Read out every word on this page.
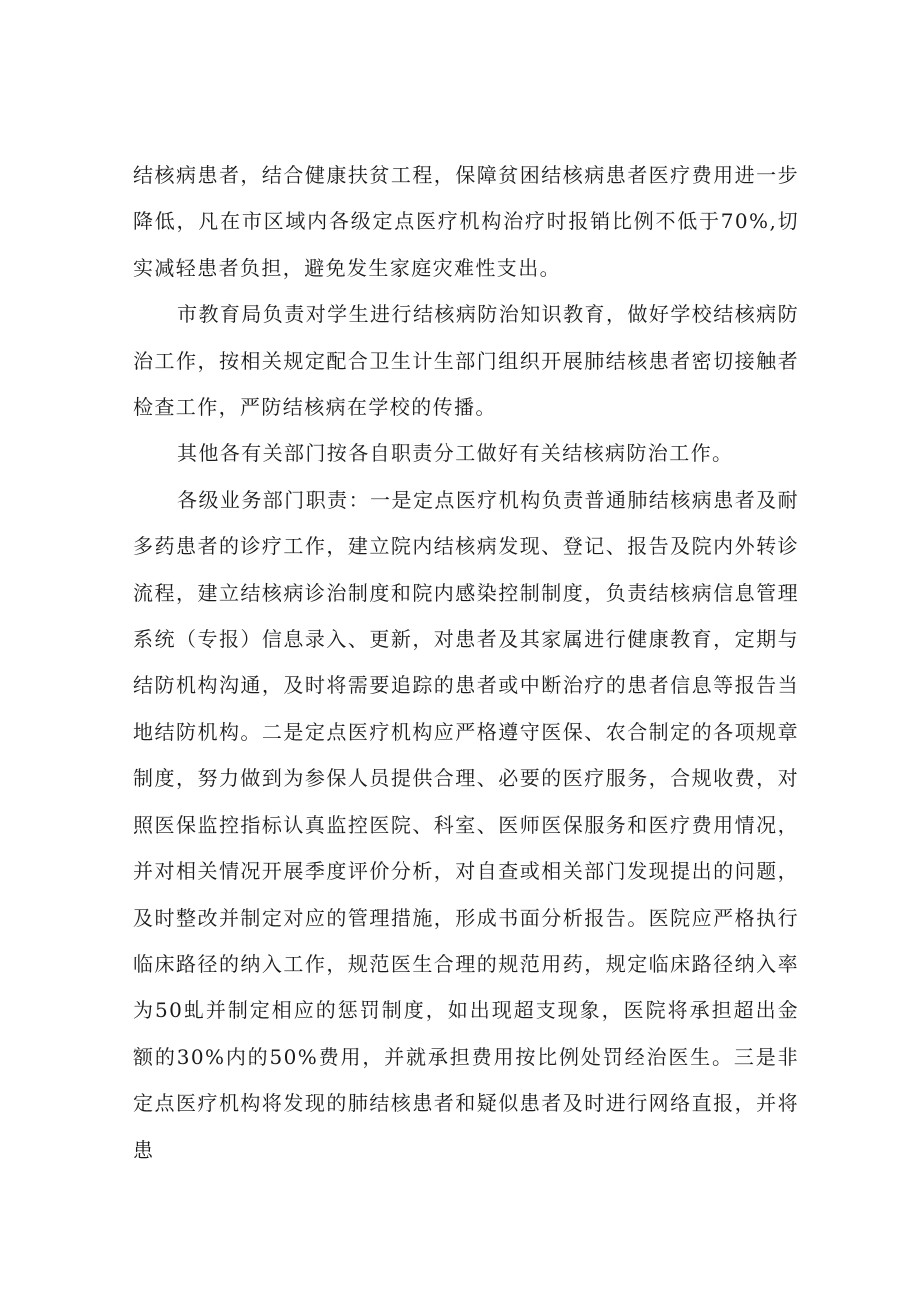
结核病患者，结合健康扶贫工程，保障贫困结核病患者医疗费用进一步降低，凡在市区域内各级定点医疗机构治疗时报销比例不低于70%,切实减轻患者负担，避免发生家庭灾难性支出。

市教育局负责对学生进行结核病防治知识教育，做好学校结核病防治工作，按相关规定配合卫生计生部门组织开展肺结核患者密切接触者检查工作，严防结核病在学校的传播。

其他各有关部门按各自职责分工做好有关结核病防治工作。

各级业务部门职责：一是定点医疗机构负责普通肺结核病患者及耐多药患者的诊疗工作，建立院内结核病发现、登记、报告及院内外转诊流程，建立结核病诊治制度和院内感染控制制度，负责结核病信息管理系统（专报）信息录入、更新，对患者及其家属进行健康教育，定期与结防机构沟通，及时将需要追踪的患者或中断治疗的患者信息等报告当地结防机构。二是定点医疗机构应严格遵守医保、农合制定的各项规章制度，努力做到为参保人员提供合理、必要的医疗服务，合规收费，对照医保监控指标认真监控医院、科室、医师医保服务和医疗费用情况，并对相关情况开展季度评价分析，对自查或相关部门发现提出的问题，及时整改并制定对应的管理措施，形成书面分析报告。医院应严格执行临床路径的纳入工作，规范医生合理的规范用药，规定临床路径纳入率为50虬并制定相应的惩罚制度，如出现超支现象，医院将承担超出金额的30%内的50%费用，并就承担费用按比例处罚经治医生。三是非定点医疗机构将发现的肺结核患者和疑似患者及时进行网络直报，并将患
